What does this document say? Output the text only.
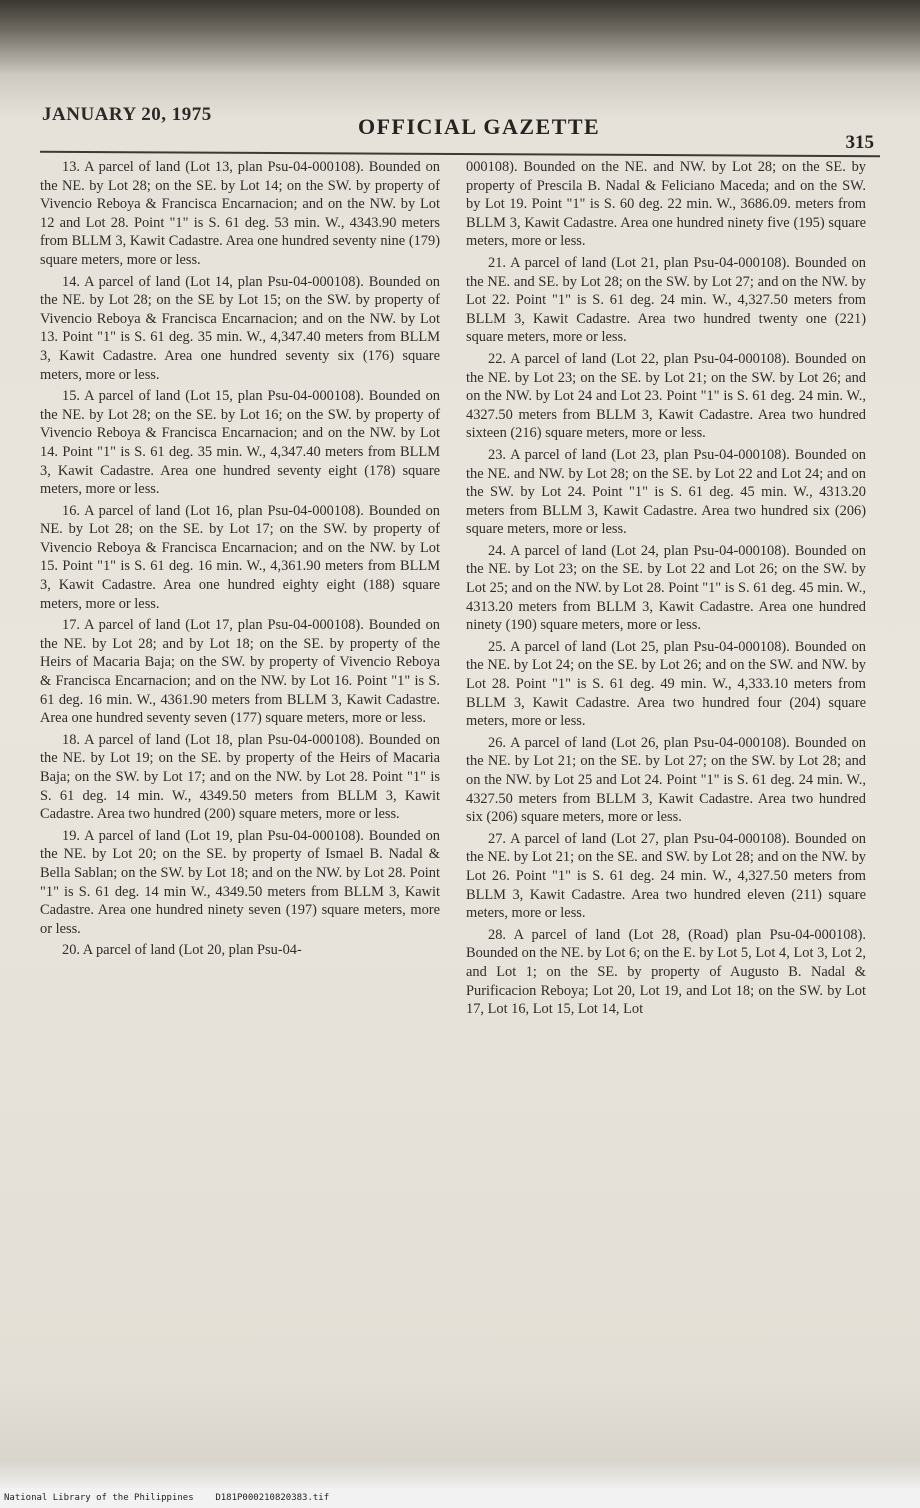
JANUARY 20, 1975	OFFICIAL GAZETTE
315

13. A parcel of land (Lot 13, plan Psu-04-000108). Bounded on the NE. by Lot 28; on the SE. by Lot 14; on the SW. by property of Vivencio Reboya & Francisca Encarnacion; and on the NW. by Lot 12 and Lot 28. Point "1" is S. 61 deg. 53 min. W., 4343.90 meters from BLLM 3, Kawit Cadastre. Area one hundred seventy nine (179) square meters, more or less.

14. A parcel of land (Lot 14, plan Psu-04-000108). Bounded on the NE. by Lot 28; on the SE by Lot 15; on the SW. by property of Vivencio Reboya & Francisca Encarnacion; and on the NW. by Lot 13. Point "1" is S. 61 deg. 35 min. W., 4,347.40 meters from BLLM 3, Kawit Cadastre. Area one hundred seventy six (176) square meters, more or less.

15. A parcel of land (Lot 15, plan Psu-04-000108). Bounded on the NE. by Lot 28; on the SE. by Lot 16; on the SW. by property of Vivencio Reboya & Francisca Encarnacion; and on the NW. by Lot 14. Point "1" is S. 61 deg. 35 min. W., 4,347.40 meters from BLLM 3, Kawit Cadastre. Area one hundred seventy eight (178) square meters, more or less.

16. A parcel of land (Lot 16, plan Psu-04-000108). Bounded on NE. by Lot 28; on the SE. by Lot 17; on the SW. by property of Vivencio Reboya & Francisca Encarnacion; and on the NW. by Lot 15. Point "1" is S. 61 deg. 16 min. W., 4,361.90 meters from BLLM 3, Kawit Cadastre. Area one hundred eighty eight (188) square meters, more or less.

17. A parcel of land (Lot 17, plan Psu-04-000108). Bounded on the NE. by Lot 28; and by Lot 18; on the SE. by property of the Heirs of Macaria Baja; on the SW. by property of Vivencio Reboya & Francisca Encarnacion; and on the NW. by Lot 16. Point "1" is S. 61 deg. 16 min. W., 4361.90 meters from BLLM 3, Kawit Cadastre. Area one hundred seventy seven (177) square meters, more or less.

18. A parcel of land (Lot 18, plan Psu-04-000108). Bounded on the NE. by Lot 19; on the SE. by property of the Heirs of Macaria Baja; on the SW. by Lot 17; and on the NW. by Lot 28. Point "1" is S. 61 deg. 14 min. W., 4349.50 meters from BLLM 3, Kawit Cadastre. Area two hundred (200) square meters, more or less.

19. A parcel of land (Lot 19, plan Psu-04-000108). Bounded on the NE. by Lot 20; on the SE. by property of Ismael B. Nadal & Bella Sablan; on the SW. by Lot 18; and on the NW. by Lot 28. Point "1" is S. 61 deg. 14 min W., 4349.50 meters from BLLM 3, Kawit Cadastre. Area one hundred ninety seven (197) square meters, more or less.

20. A parcel of land (Lot 20, plan Psu-04-

000108). Bounded on the NE. and NW. by Lot 28; on the SE. by property of Prescila B. Nadal & Feliciano Maceda; and on the SW. by Lot 19. Point "1" is S. 60 deg. 22 min. W., 3686.09. meters from BLLM 3, Kawit Cadastre. Area one hundred ninety five (195) square meters, more or less.

21. A parcel of land (Lot 21, plan Psu-04-000108). Bounded on the NE. and SE. by Lot 28; on the SW. by Lot 27; and on the NW. by Lot 22. Point "1" is S. 61 deg. 24 min. W., 4,327.50 meters from BLLM 3, Kawit Cadastre. Area two hundred twenty one (221) square meters, more or less.

22. A parcel of land (Lot 22, plan Psu-04-000108). Bounded on the NE. by Lot 23; on the SE. by Lot 21; on the SW. by Lot 26; and on the NW. by Lot 24 and Lot 23. Point "1" is S. 61 deg. 24 min. W., 4327.50 meters from BLLM 3, Kawit Cadastre. Area two hundred sixteen (216) square meters, more or less.

23. A parcel of land (Lot 23, plan Psu-04-000108). Bounded on the NE. and NW. by Lot 28; on the SE. by Lot 22 and Lot 24; and on the SW. by Lot 24. Point "1" is S. 61 deg. 45 min. W., 4313.20 meters from BLLM 3, Kawit Cadastre. Area two hundred six (206) square meters, more or less.

24. A parcel of land (Lot 24, plan Psu-04-000108). Bounded on the NE. by Lot 23; on the SE. by Lot 22 and Lot 26; on the SW. by Lot 25; and on the NW. by Lot 28. Point "1" is S. 61 deg. 45 min. W., 4313.20 meters from BLLM 3, Kawit Cadastre. Area one hundred ninety (190) square meters, more or less.

25. A parcel of land (Lot 25, plan Psu-04-000108). Bounded on the NE. by Lot 24; on the SE. by Lot 26; and on the SW. and NW. by Lot 28. Point "1" is S. 61 deg. 49 min. W., 4,333.10 meters from BLLM 3, Kawit Cadastre. Area two hundred four (204) square meters, more or less.

26. A parcel of land (Lot 26, plan Psu-04-000108). Bounded on the NE. by Lot 21; on the SE. by Lot 27; on the SW. by Lot 28; and on the NW. by Lot 25 and Lot 24. Point "1" is S. 61 deg. 24 min. W., 4327.50 meters from BLLM 3, Kawit Cadastre. Area two hundred six (206) square meters, more or less.

27. A parcel of land (Lot 27, plan Psu-04-000108). Bounded on the NE. by Lot 21; on the SE. and SW. by Lot 28; and on the NW. by Lot 26. Point "1" is S. 61 deg. 24 min. W., 4,327.50 meters from BLLM 3, Kawit Cadastre. Area two hundred eleven (211) square meters, more or less.

28. A parcel of land (Lot 28, (Road) plan Psu-04-000108). Bounded on the NE. by Lot 6; on the E. by Lot 5, Lot 4, Lot 3, Lot 2, and Lot 1; on the SE. by property of Augusto B. Nadal & Purificacion Reboya; Lot 20, Lot 19, and Lot 18; on the SW. by Lot 17, Lot 16, Lot 15, Lot 14, Lot

National Library of the Philippines D181P000210820383.tif
